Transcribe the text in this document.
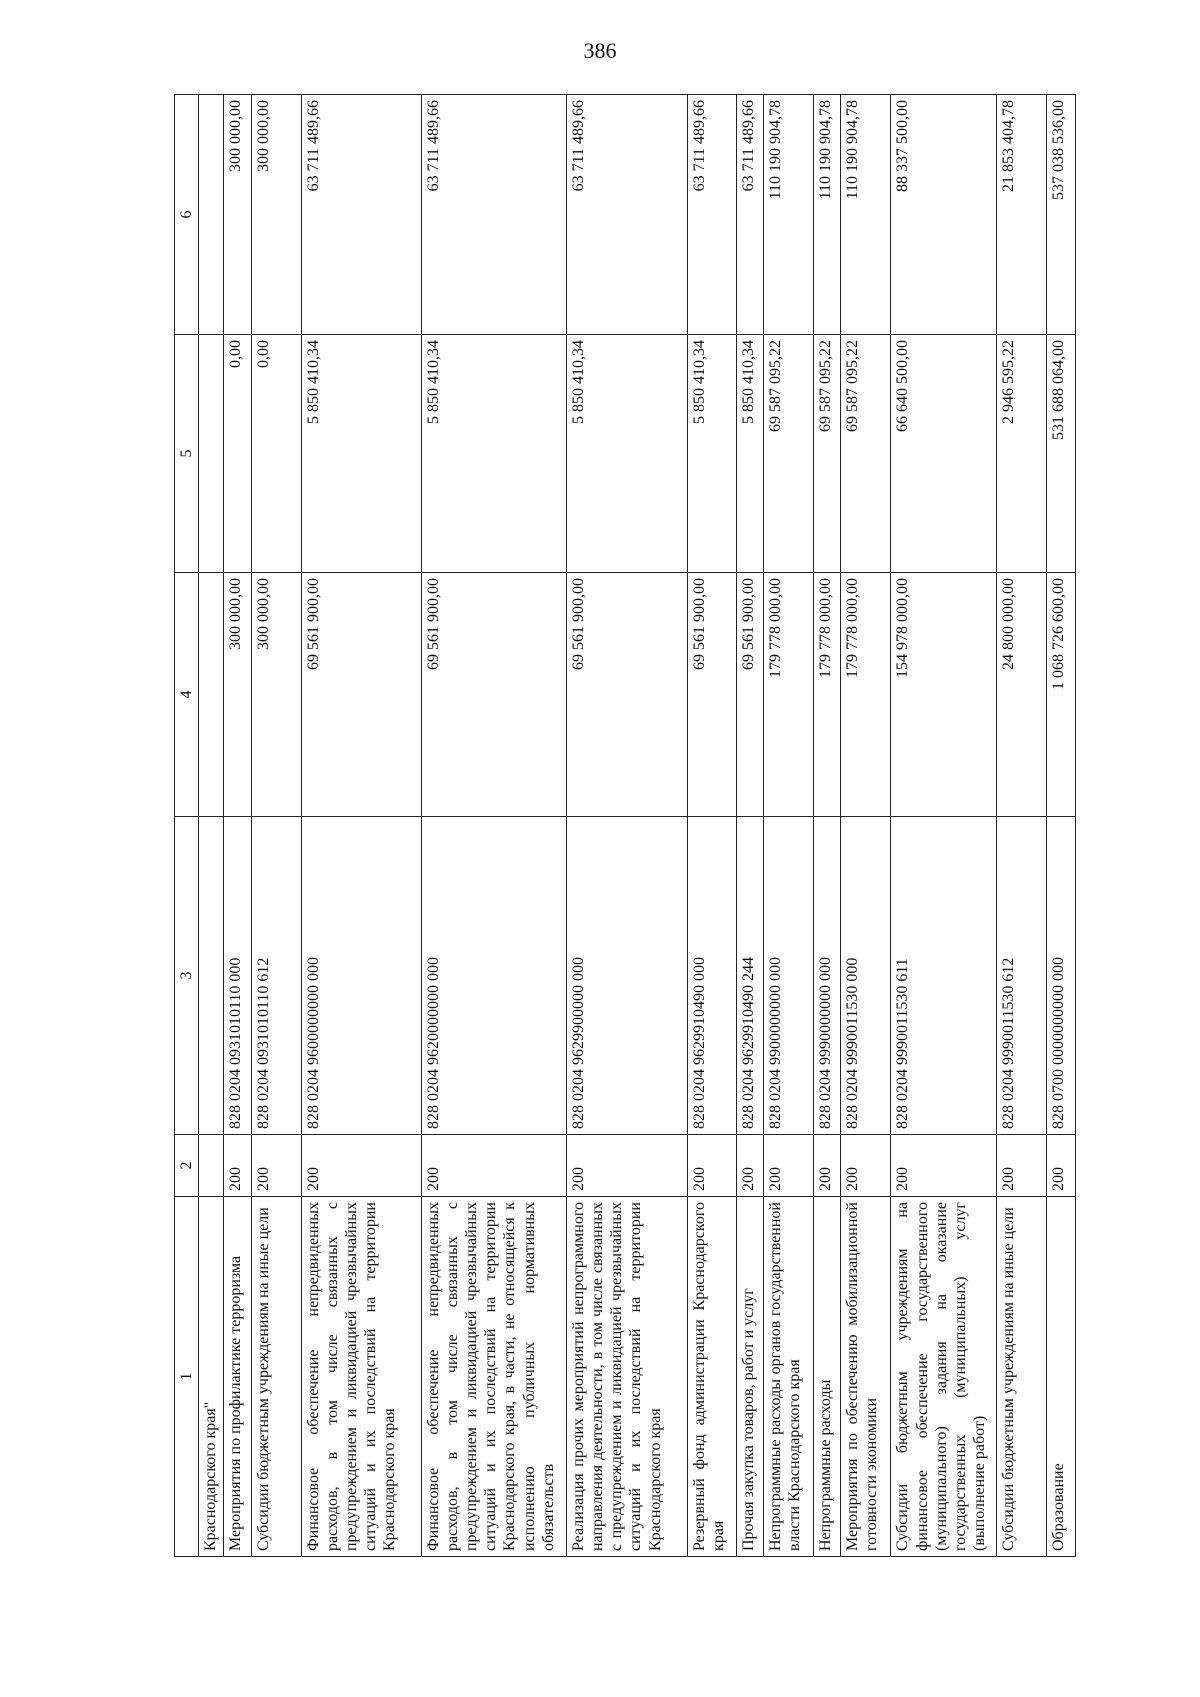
386
1	2	3	4	5	6
Краснодарского края"					
Мероприятия по профилактике терроризма	200	828 0204 0931010110 000	300 000,00	0,00	300 000,00
Субсидии бюджетным учреждениям на иные цели	200	828 0204 0931010110 612	300 000,00	0,00	300 000,00
Финансовое обеспечение непредвиденных расходов, в том числе связанных с предупреждением и ликвидацией чрезвычайных ситуаций и их последствий на территории Краснодарского края	200	828 0204 9600000000 000	69 561 900,00	5 850 410,34	63 711 489,66
Финансовое обеспечение непредвиденных расходов, в том числе связанных с предупреждением и ликвидацией чрезвычайных ситуаций и их последствий на территории Краснодарского края, в части, не относящейся к исполнению публичных нормативных обязательств	200	828 0204 9620000000 000	69 561 900,00	5 850 410,34	63 711 489,66
Реализация прочих мероприятий непрограммного направления деятельности, в том числе связанных с предупреждением и ликвидацией чрезвычайных ситуаций и их последствий на территории Краснодарского края	200	828 0204 9629900000 000	69 561 900,00	5 850 410,34	63 711 489,66
Резервный фонд администрации Краснодарского края	200	828 0204 9629910490 000	69 561 900,00	5 850 410,34	63 711 489,66
Прочая закупка товаров, работ и услуг	200	828 0204 9629910490 244	69 561 900,00	5 850 410,34	63 711 489,66
Непрограммные расходы органов государственной власти Краснодарского края	200	828 0204 9900000000 000	179 778 000,00	69 587 095,22	110 190 904,78
Непрограммные расходы	200	828 0204 9990000000 000	179 778 000,00	69 587 095,22	110 190 904,78
Мероприятия по обеспечению мобилизационной готовности экономики	200	828 0204 9990011530 000	179 778 000,00	69 587 095,22	110 190 904,78
Субсидии бюджетным учреждениям на финансовое обеспечение государственного (муниципального) задания на оказание государственных (муниципальных) услуг (выполнение работ)	200	828 0204 9990011530 611	154 978 000,00	66 640 500,00	88 337 500,00
Субсидии бюджетным учреждениям на иные цели	200	828 0204 9990011530 612	24 800 000,00	2 946 595,22	21 853 404,78
Образование	200	828 0700 0000000000 000	1 068 726 600,00	531 688 064,00	537 038 536,00
